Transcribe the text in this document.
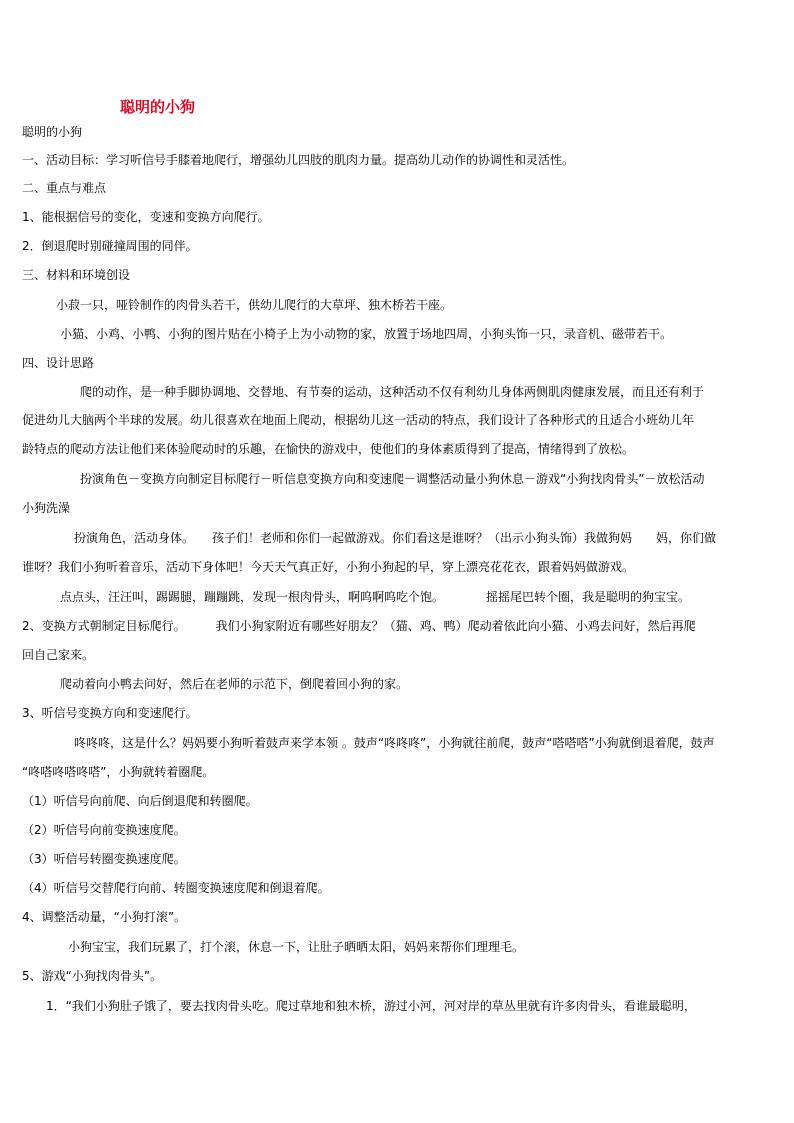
聪明的小狗
聪明的小狗
一、活动目标：学习听信号手膝着地爬行，增强幼儿四肢的肌肉力量。提高幼儿动作的协调性和灵活性。
二、重点与难点
1、能根据信号的变化，变速和变换方向爬行。
2．倒退爬时别碰撞周围的同伴。
三、材料和环境创设
小菽一只，哑铃制作的肉骨头若干，供幼儿爬行的大草坪、独木桥若干座。
小猫、小鸡、小鸭、小狗的图片贴在小椅子上为小动物的家，放置于场地四周，小狗头饰一只，录音机、磁带若干。
四、设计思路
爬的动作，是一种手脚协调地、交替地、有节奏的运动，这种活动不仅有利幼儿身体两侧肌肉健康发展，而且还有利于
促进幼儿大脑两个半球的发展。幼儿很喜欢在地面上爬动，根据幼儿这一活动的特点，我们设计了各种形式的且适合小班幼儿年
龄特点的爬动方法让他们来体验爬动时的乐趣，在愉快的游戏中，使他们的身体素质得到了提高，情绪得到了放松。
扮演角色－变换方向制定目标爬行－听信息变换方向和变速爬－调整活动量小狗休息－游戏“小狗找肉骨头”－放松活动
小狗洗澡
扮演角色，活动身体。　　孩子们！老师和你们一起做游戏。你们看这是谁呀？（出示小狗头饰）我做狗妈　　妈，你们做
谁呀？我们小狗听着音乐，活动下身体吧！今天天气真正好，小狗小狗起的早，穿上漂亮花花衣，跟着妈妈做游戏。
点点头，汪汪叫，踢踢腿，蹦蹦跳，发现一根肉骨头，啊呜啊呜吃个饱。　　　　摇摇尾巴转个圈，我是聪明的狗宝宝。
2、变换方式朝制定目标爬行。　　　我们小狗家附近有哪些好朋友？（猫、鸡、鸭）爬动着依此向小猫、小鸡去问好，然后再爬
回自己家来。
爬动着向小鸭去问好，然后在老师的示范下，倒爬着回小狗的家。
3、听信号变换方向和变速爬行。
咚咚咚，这是什么？妈妈要小狗听着鼓声来学本领 。鼓声“咚咚咚”，小狗就往前爬，鼓声“嗒嗒嗒”小狗就倒退着爬，鼓声
“咚嗒咚嗒咚嗒”，小狗就转着圈爬。
（1）听信号向前爬、向后倒退爬和转圈爬。
（2）听信号向前变换速度爬。
（3）听信号转圈变换速度爬。
（4）听信号交替爬行向前、转圈变换速度爬和倒退着爬。
4、调整活动量，“小狗打滚”。
小狗宝宝，我们玩累了，打个滚，休息一下，让肚子晒晒太阳，妈妈来帮你们理理毛。
5、游戏“小狗找肉骨头”。
1．“我们小狗肚子饿了，要去找肉骨头吃。爬过草地和独木桥，游过小河，河对岸的草丛里就有许多肉骨头，看谁最聪明，
